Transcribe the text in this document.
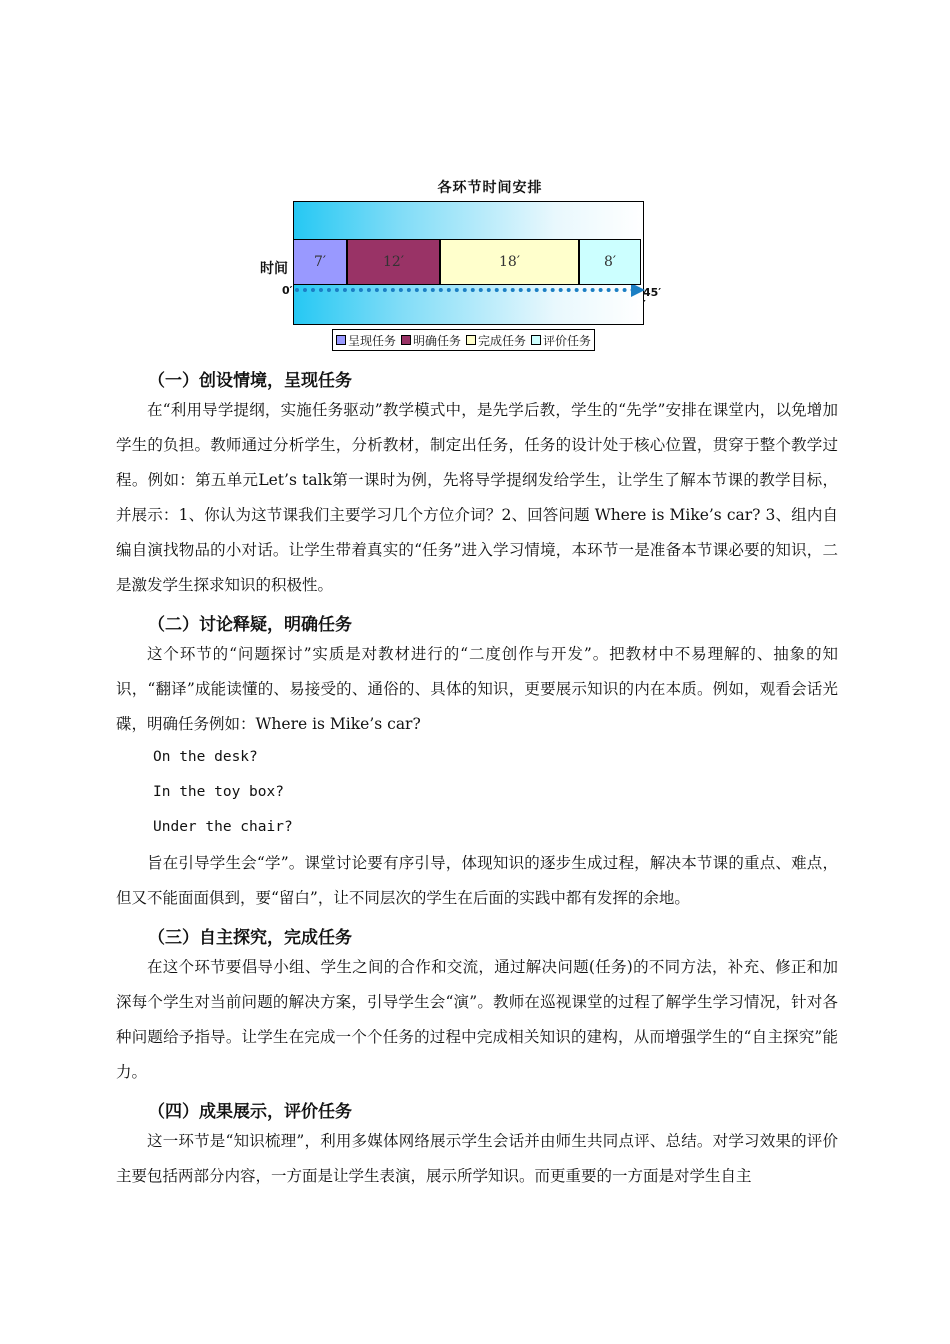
各环节时间安排
时间
0′	45′
′
7′	12′	18′	8′
呈现任务 明确任务 完成任务 评价任务
（一）创设情境，呈现任务

在“利用导学提纲，实施任务驱动”教学模式中，是先学后教，学生的“先学”安排在课堂内，以免增加学生的负担。教师通过分析学生，分析教材，制定出任务，任务的设计处于核心位置，贯穿于整个教学过程。例如：第五单元Let’s talk第一课时为例，先将导学提纲发给学生，让学生了解本节课的教学目标，并展示：1、你认为这节课我们主要学习几个方位介词？2、回答问题 Where is Mike’s car? 3、组内自编自演找物品的小对话。让学生带着真实的“任务”进入学习情境，本环节一是准备本节课必要的知识，二是激发学生探求知识的积极性。

（二）讨论释疑，明确任务

这个环节的“问题探讨”实质是对教材进行的“二度创作与开发”。把教材中不易理解的、抽象的知识，“翻译”成能读懂的、易接受的、通俗的、具体的知识，更要展示知识的内在本质。例如，观看会话光碟，明确任务例如：Where is Mike’s car?

On the desk?
In the toy box?
Under the chair?

旨在引导学生会“学”。课堂讨论要有序引导，体现知识的逐步生成过程，解决本节课的重点、难点，但又不能面面俱到，要“留白”，让不同层次的学生在后面的实践中都有发挥的余地。

（三）自主探究，完成任务

在这个环节要倡导小组、学生之间的合作和交流，通过解决问题(任务)的不同方法，补充、修正和加深每个学生对当前问题的解决方案，引导学生会“演”。教师在巡视课堂的过程了解学生学习情况，针对各种问题给予指导。让学生在完成一个个任务的过程中完成相关知识的建构，从而增强学生的“自主探究”能力。

（四）成果展示，评价任务

这一环节是“知识梳理”，利用多媒体网络展示学生会话并由师生共同点评、总结。对学习效果的评价主要包括两部分内容，一方面是让学生表演，展示所学知识。而更重要的一方面是对学生自主
